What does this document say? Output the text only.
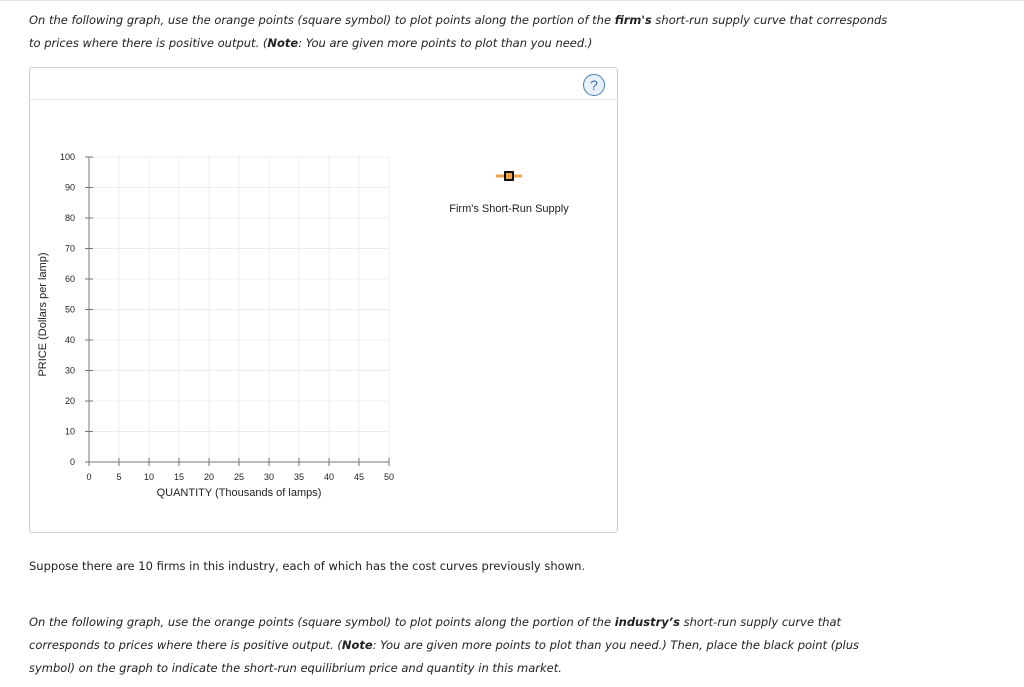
On the following graph, use the orange points (square symbol) to plot points along the portion of the firm's short-run supply curve that corresponds
to prices where there is positive output. (Note: You are given more points to plot than you need.)
?
0	5 10 15 20 25 30 35 40 45 50
100
90
80
70
60
50
40
30
20
10
0
QUANTITY (Thousands of lamps)
PRICE (Dollars per lamp)
Firm's Short-Run Supply
Suppose there are 10 firms in this industry, each of which has the cost curves previously shown.
On the following graph, use the orange points (square symbol) to plot points along the portion of the industry’s short-run supply curve that
corresponds to prices where there is positive output. (Note: You are given more points to plot than you need.) Then, place the black point (plus
symbol) on the graph to indicate the short-run equilibrium price and quantity in this market.
